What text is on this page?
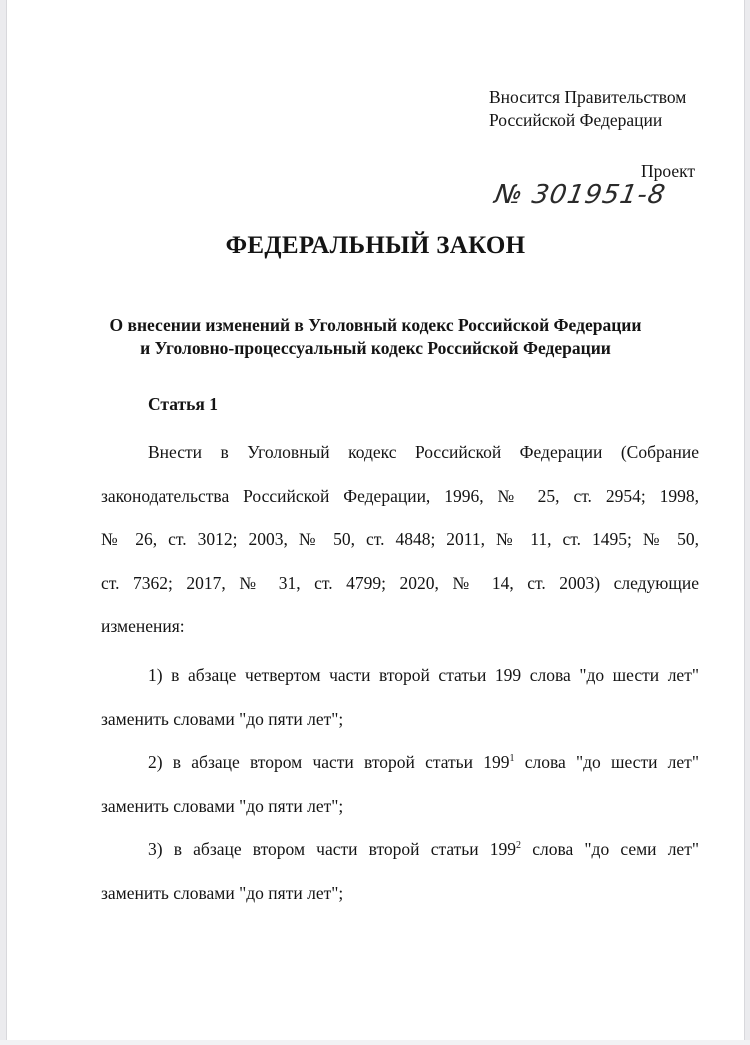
Вносится Правительством
Российской Федерации
Проект
№ 301951-8
ФЕДЕРАЛЬНЫЙ ЗАКОН
О внесении изменений в Уголовный кодекс Российской Федерации
и Уголовно-процессуальный кодекс Российской Федерации
Статья 1
Внести в Уголовный кодекс Российской Федерации (Собрание
законодательства Российской Федерации, 1996, № 25, ст. 2954; 1998,
№ 26, ст. 3012; 2003, № 50, ст. 4848; 2011, № 11, ст. 1495; № 50,
ст. 7362; 2017, № 31, ст. 4799; 2020, № 14, ст. 2003) следующие
изменения:
1) в абзаце четвертом части второй статьи 199 слова "до шести лет"
заменить словами "до пяти лет";
2) в абзаце втором части второй статьи $199^1$ слова "до шести лет"
заменить словами "до пяти лет";
3) в абзаце втором части второй статьи $199^2$ слова "до семи лет"
заменить словами "до пяти лет";
